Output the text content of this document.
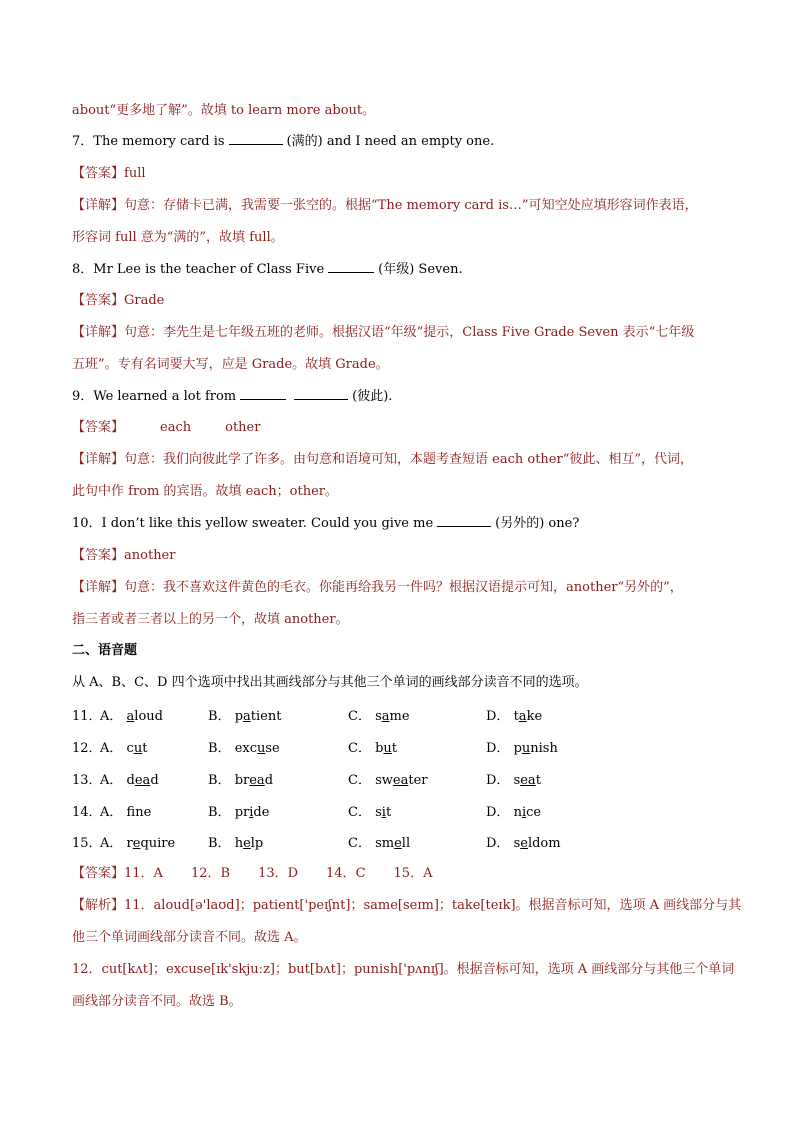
about“更多地了解”。故填 to learn more about。
7．The memory card is	(满的) and I need an empty one.
【答案】full
【详解】句意：存储卡已满，我需要一张空的。根据“The memory card is…”可知空处应填形容词作表语，
形容词 full 意为“满的”，故填 full。
8．Mr Lee is the teacher of Class Five	(年级) Seven.
【答案】Grade
【详解】句意：李先生是七年级五班的老师。根据汉语“年级”提示，Class Five Grade Seven 表示“七年级
五班”。专有名词要大写，应是 Grade。故填 Grade。
9．We learned a lot from	(彼此).
【答案】	each	other
【详解】句意：我们向彼此学了许多。由句意和语境可知，本题考查短语 each other“彼此、相互”，代词，
此句中作 from 的宾语。故填 each；other。
10．I don’t like this yellow sweater. Could you give me	(另外的) one?
【答案】another
【详解】句意：我不喜欢这件黄色的毛衣。你能再给我另一件吗？根据汉语提示可知，another“另外的”，
指三者或者三者以上的另一个，故填 another。
二、语音题
从 A、B、C、D 四个选项中找出其画线部分与其他三个单词的画线部分读音不同的选项。
11．
A． aloud	B． patient	C． same	D． take
12．
A． cut	B． excuse	C． but	D． punish
13．
A． dead	B． bread	C． sweater	D． seat
14．
A． fne	B． pride	C． sit	D． nice
15．
A． require	B． help	C． smell	D． seldom
【答案】11．A 12．B 13．D 14．C 15．A
【解析】11．aloud[ə'laʊd]；patient['peɪʃnt]；same[seɪm]；take[teɪk]。根据音标可知，选项 A 画线部分与其
他三个单词画线部分读音不同。故选 A。
12．cut[kʌt]；excuse[ɪk'skjuːz]；but[bʌt]；punish['pʌnɪʃ]。根据音标可知，选项 A 画线部分与其他三个单词
画线部分读音不同。故选 B。
